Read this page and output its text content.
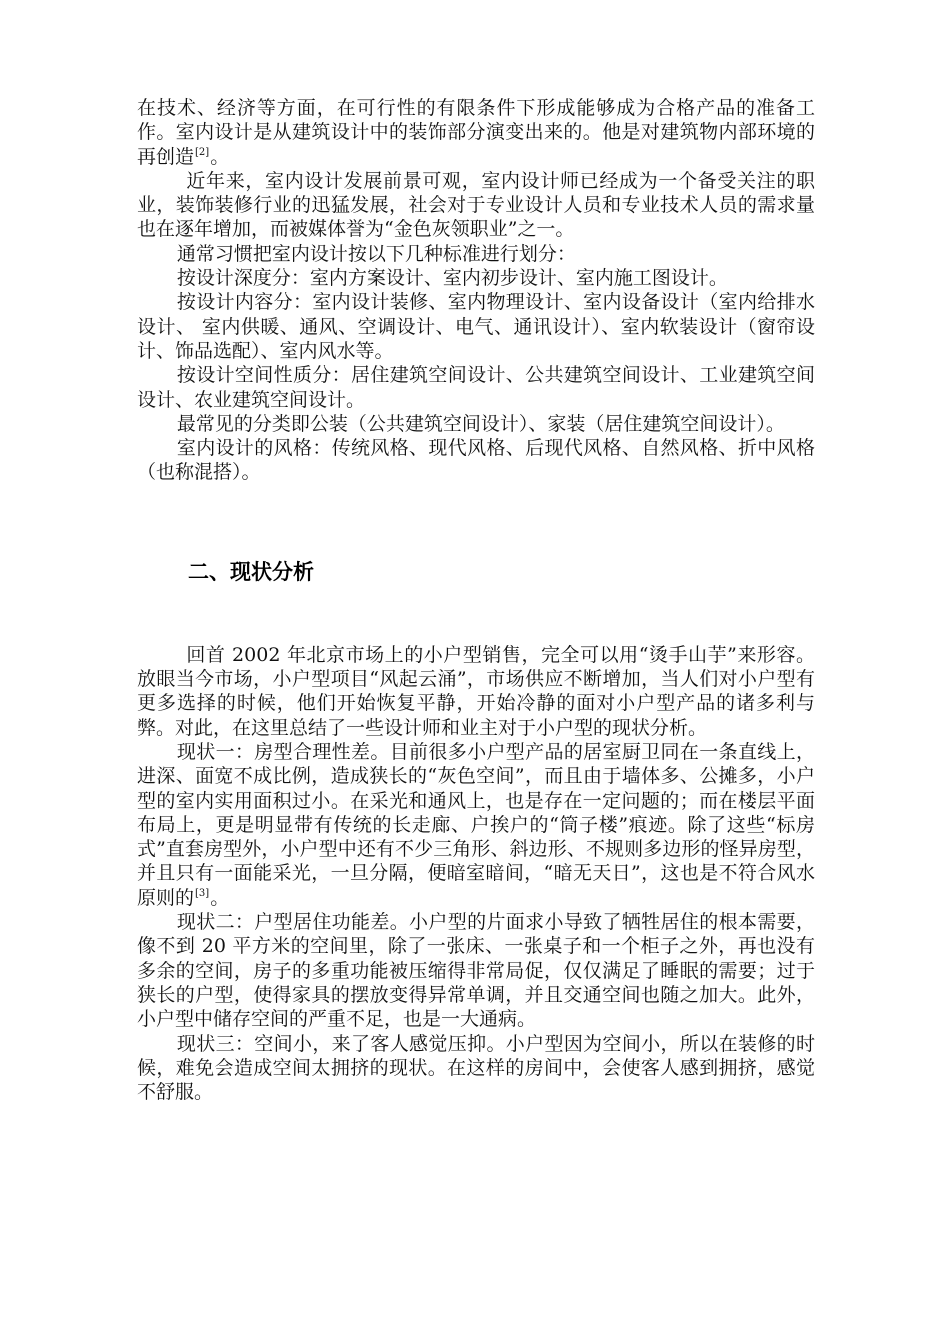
在技术、经济等方面，在可行性的有限条件下形成能够成为合格产品的准备工作。室内设计是从建筑设计中的装饰部分演变出来的。他是对建筑物内部环境的再创造[2]。

近年来，室内设计发展前景可观，室内设计师已经成为一个备受关注的职业，装饰装修行业的迅猛发展，社会对于专业设计人员和专业技术人员的需求量也在逐年增加，而被媒体誉为“金色灰领职业”之一。

通常习惯把室内设计按以下几种标准进行划分：

按设计深度分：室内方案设计、室内初步设计、室内施工图设计。

按设计内容分：室内设计装修、室内物理设计、室内设备设计（室内给排水设计、 室内供暖、通风、空调设计、电气、通讯设计）、室内软装设计（窗帘设计、饰品选配）、室内风水等。

按设计空间性质分：居住建筑空间设计、公共建筑空间设计、工业建筑空间设计、农业建筑空间设计。

最常见的分类即公装（公共建筑空间设计）、家装（居住建筑空间设计）。

室内设计的风格：传统风格、现代风格、后现代风格、自然风格、折中风格（也称混搭）。

二、现状分析

回首 2002 年北京市场上的小户型销售，完全可以用“烫手山芋”来形容。放眼当今市场，小户型项目“风起云涌”，市场供应不断增加，当人们对小户型有更多选择的时候，他们开始恢复平静，开始冷静的面对小户型产品的诸多利与弊。对此，在这里总结了一些设计师和业主对于小户型的现状分析。

现状一：房型合理性差。目前很多小户型产品的居室厨卫同在一条直线上，进深、面宽不成比例，造成狭长的“灰色空间”，而且由于墙体多、公摊多，小户型的室内实用面积过小。在采光和通风上，也是存在一定问题的；而在楼层平面布局上，更是明显带有传统的长走廊、户挨户的“筒子楼”痕迹。除了这些“标房式”直套房型外，小户型中还有不少三角形、斜边形、不规则多边形的怪异房型，并且只有一面能采光，一旦分隔，便暗室暗间，“暗无天日”，这也是不符合风水原则的[3]。

现状二：户型居住功能差。小户型的片面求小导致了牺牲居住的根本需要，像不到 20 平方米的空间里，除了一张床、一张桌子和一个柜子之外，再也没有多余的空间，房子的多重功能被压缩得非常局促，仅仅满足了睡眠的需要；过于狭长的户型，使得家具的摆放变得异常单调，并且交通空间也随之加大。此外，小户型中储存空间的严重不足，也是一大通病。

现状三：空间小，来了客人感觉压抑。小户型因为空间小，所以在装修的时候，难免会造成空间太拥挤的现状。在这样的房间中，会使客人感到拥挤，感觉不舒服。
